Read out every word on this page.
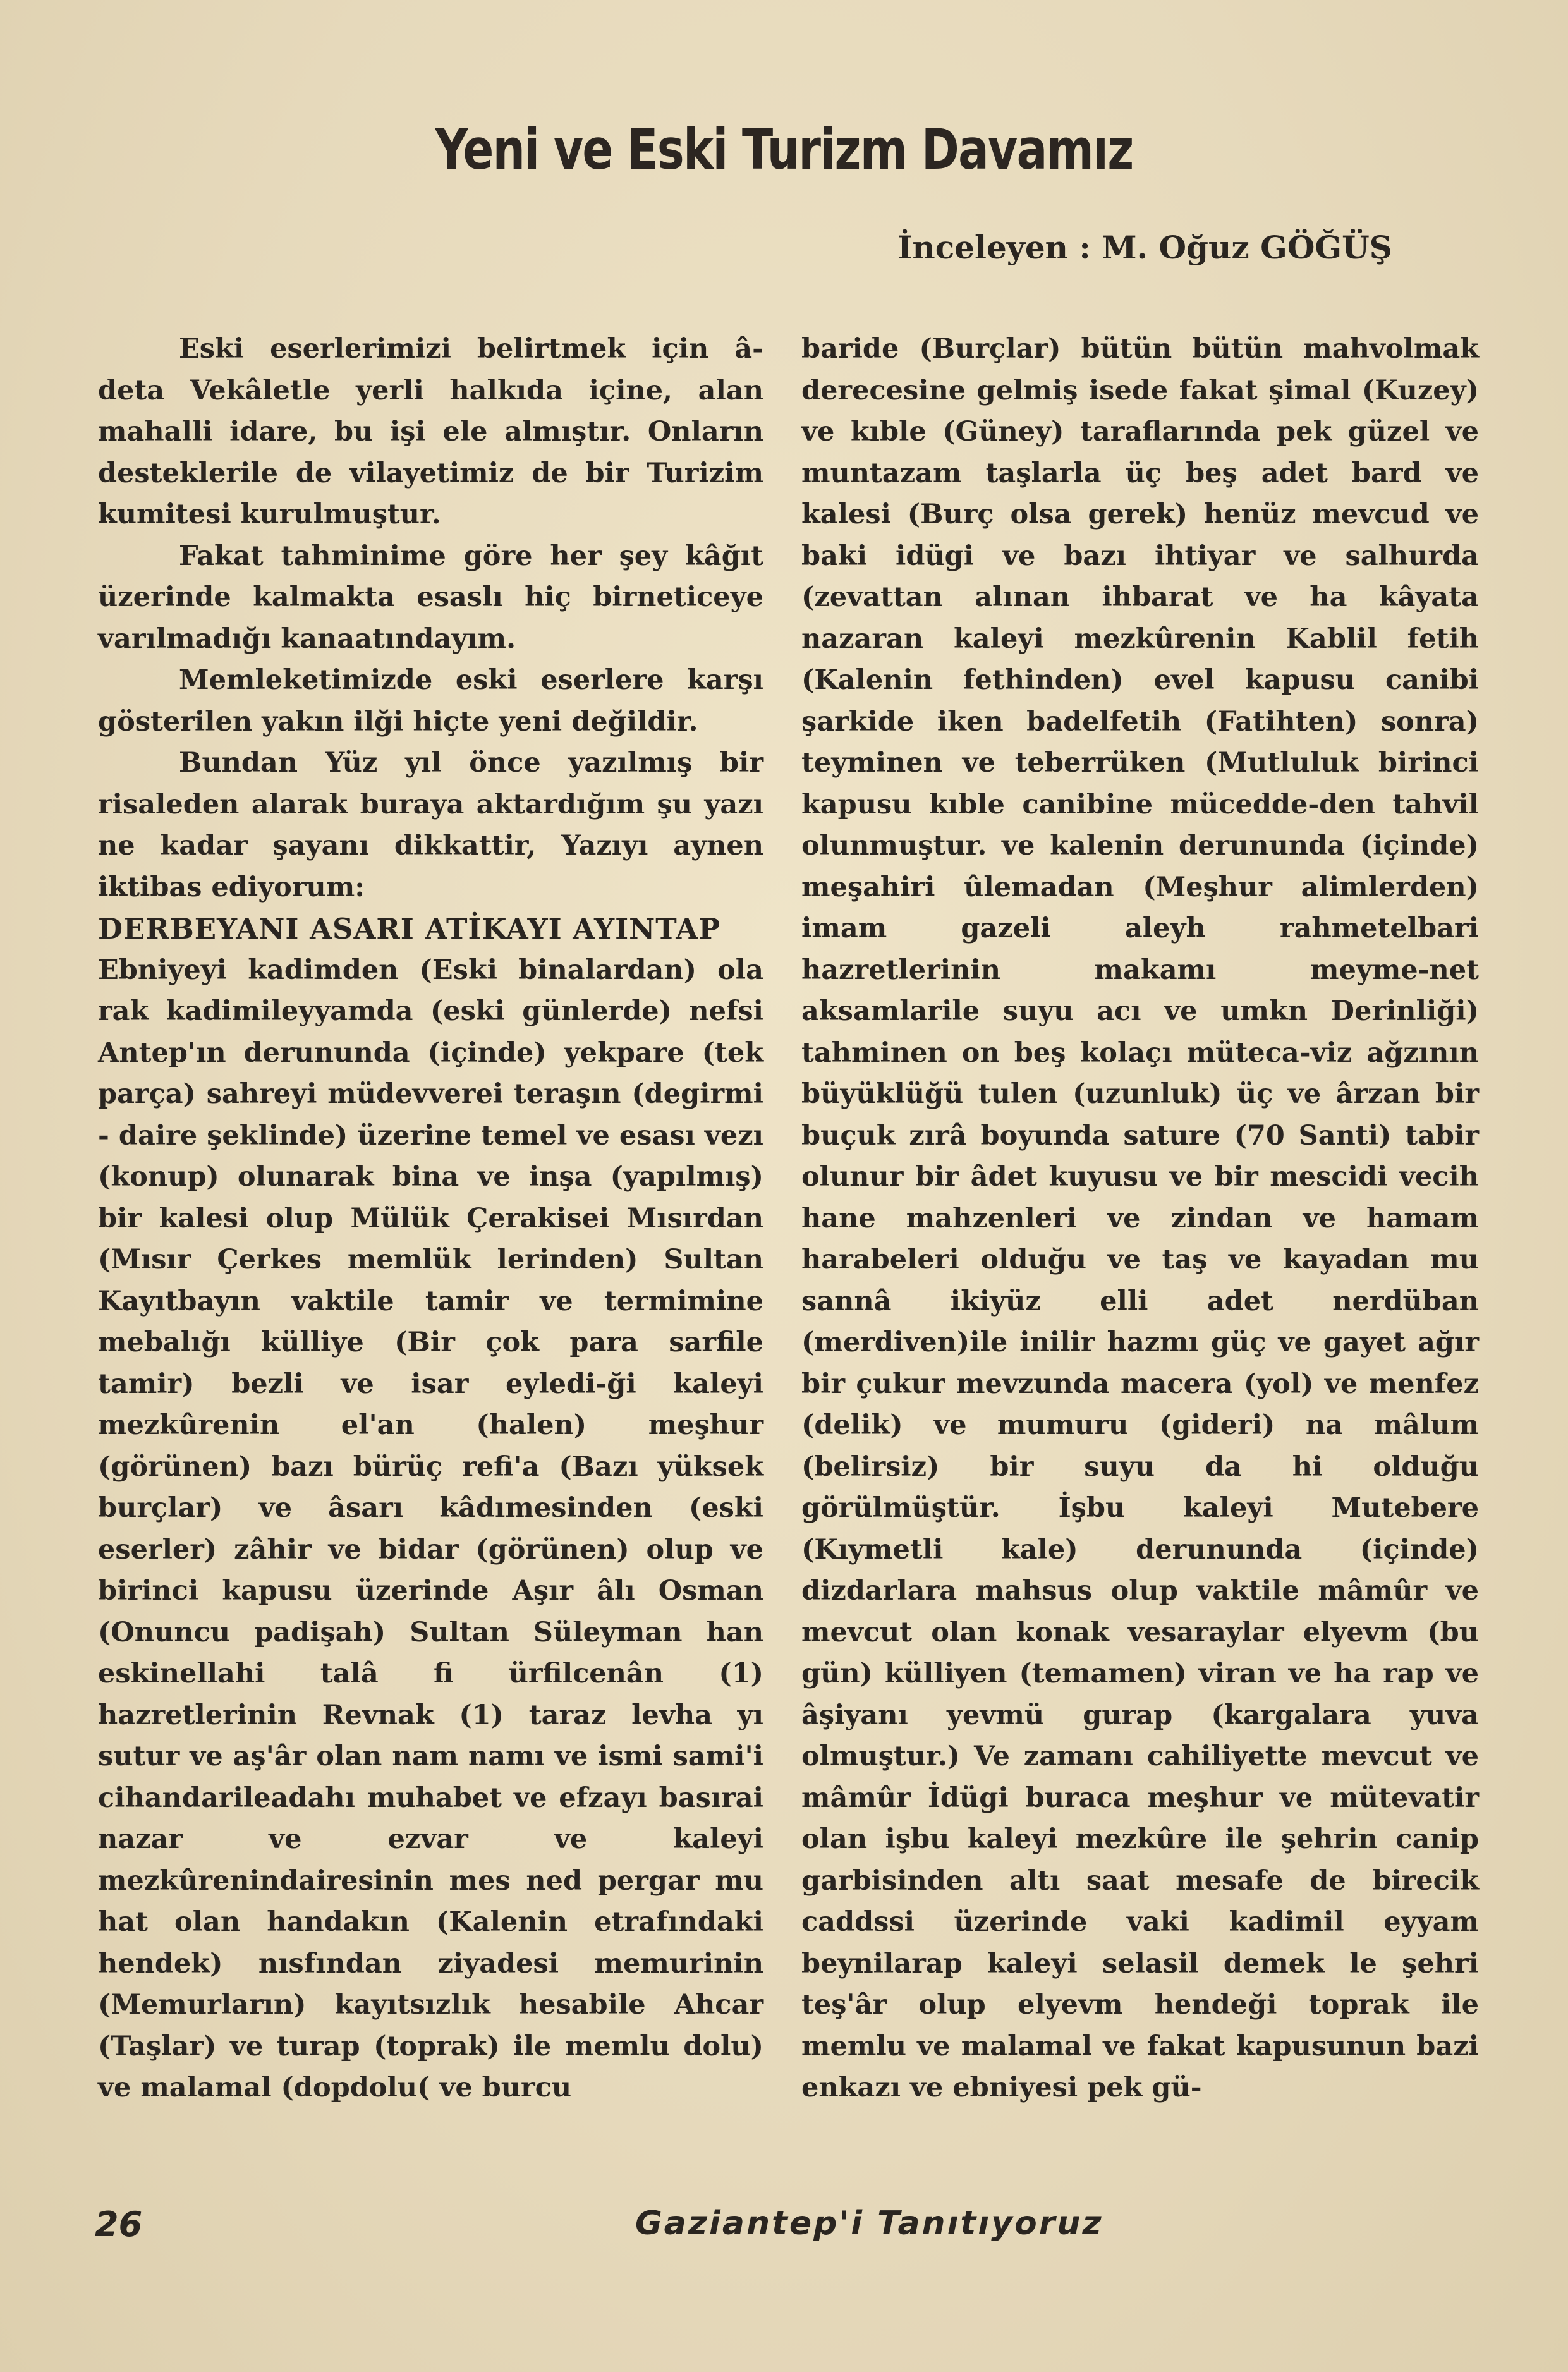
Yeni ve Eski Turizm Davamız
İnceleyen : M. Oğuz GÖĞÜŞ

Eski eserlerimizi belirtmek için â-deta Vekâletle yerli halkıda içine, alan mahalli idare, bu işi ele almıştır. Onların desteklerile de vilayetimiz de bir Turizim kumitesi kurulmuştur.

Fakat tahminime göre her şey kâğıt üzerinde kalmakta esaslı hiç birneticeye varılmadığı kanaatındayım.

Memleketimizde eski eserlere karşı gösterilen yakın ilği hiçte yeni değildir.

Bundan Yüz yıl önce yazılmış bir risaleden alarak buraya aktardığım şu yazı ne kadar şayanı dikkattir, Yazıyı aynen iktibas ediyorum:

DERBEYANI ASARI ATİKAYI AYINTAP

Ebniyeyi kadimden (Eski binalardan) ola rak kadimileyyamda (eski günlerde) nefsi Antep'ın derununda (içinde) yekpare (tek parça) sahreyi müdevverei teraşın (degirmi - daire şeklinde) üzerine temel ve esası vezı (konup) olunarak bina ve inşa (yapılmış) bir kalesi olup Mülük Çerakisei Mısırdan (Mısır Çerkes memlük lerinden) Sultan Kayıtbayın vaktile tamir ve termimine mebalığı külliye (Bir çok para sarfile tamir) bezli ve isar eyledi-ği kaleyi mezkûrenin el'an (halen) meşhur (görünen) bazı bürüç refi'a (Bazı yüksek burçlar) ve âsarı kâdımesinden (eski eserler) zâhir ve bidar (görünen) olup ve birinci kapusu üzerinde Aşır âlı Osman (Onuncu padişah) Sultan Süleyman han eskinellahi talâ fi ürfilcenân (1) hazretlerinin Revnak (1) taraz levha yı sutur ve aş'âr olan nam namı ve ismi sami'i cihandarileadahı muhabet ve efzayı basırai nazar ve ezvar ve kaleyi mezkûrenindairesinin mes ned pergar mu hat olan handakın (Kalenin etrafındaki hendek) nısfından ziyadesi memurinin (Memurların) kayıtsızlık hesabile Ahcar (Taşlar) ve turap (toprak) ile memlu dolu) ve malamal (dopdolu( ve burcu

baride (Burçlar) bütün bütün mahvolmak derecesine gelmiş isede fakat şimal (Kuzey) ve kıble (Güney) taraflarında pek güzel ve muntazam taşlarla üç beş adet bard ve kalesi (Burç olsa gerek) henüz mevcud ve baki idügi ve bazı ihtiyar ve salhurda (zevattan alınan ihbarat ve ha kâyata nazaran kaleyi mezkûrenin Kablil fetih (Kalenin fethinden) evel kapusu canibi şarkide iken badelfetih (Fatihten) sonra) teyminen ve teberrüken (Mutluluk birinci kapusu kıble canibine mücedde-den tahvil olunmuştur. ve kalenin derununda (içinde) meşahiri ûlemadan (Meşhur alimlerden) imam gazeli aleyh rahmetelbari hazretlerinin makamı meyme-net aksamlarile suyu acı ve umkn Derinliği) tahminen on beş kolaçı müteca-viz ağzının büyüklüğü tulen (uzunluk) üç ve ârzan bir buçuk zırâ boyunda sature (70 Santi) tabir olunur bir âdet kuyusu ve bir mescidi vecih hane mahzenleri ve zindan ve hamam harabeleri olduğu ve taş ve kayadan mu sannâ ikiyüz elli adet nerdüban (merdiven)ile inilir hazmı güç ve gayet ağır bir çukur mevzunda macera (yol) ve menfez (delik) ve mumuru (gideri) na mâlum (belirsiz) bir suyu da hi olduğu görülmüştür. İşbu kaleyi Mutebere (Kıymetli kale) derununda (içinde) dizdarlara mahsus olup vaktile mâmûr ve mevcut olan konak vesaraylar elyevm (bu gün) külliyen (temamen) viran ve ha rap ve âşiyanı yevmü gurap (kargalara yuva olmuştur.) Ve zamanı cahiliyette mevcut ve mâmûr İdügi buraca meşhur ve mütevatir olan işbu kaleyi mezkûre ile şehrin canip garbisinden altı saat mesafe de birecik caddssi üzerinde vaki kadimil eyyam beynilarap kaleyi selasil demek le şehri teş'âr olup elyevm hendeği toprak ile memlu ve malamal ve fakat kapusunun bazi enkazı ve ebniyesi pek gü-

26	Gaziantep'i Tanıtıyoruz
